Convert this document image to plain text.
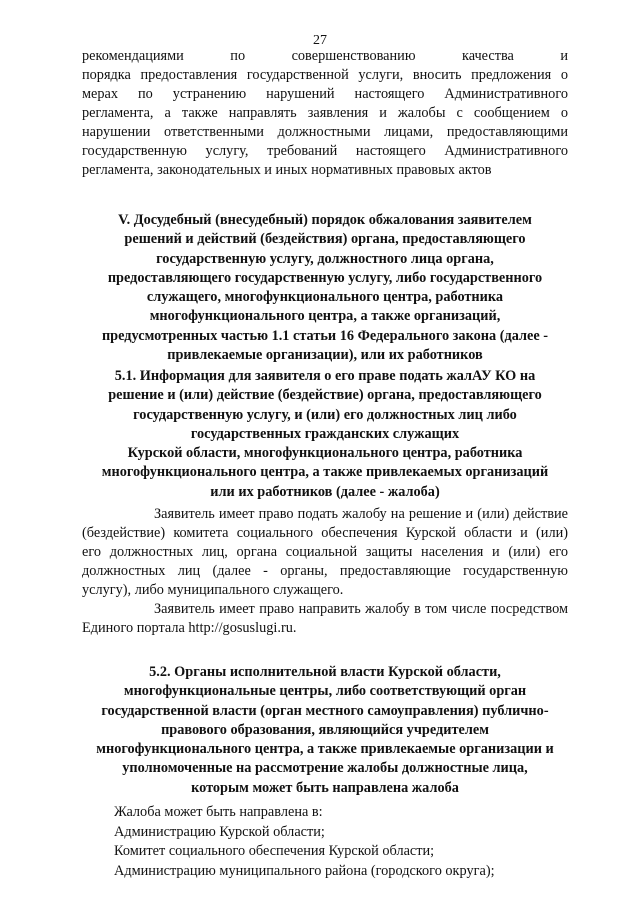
27
рекомендациями по совершенствованию качества и
порядка предоставления государственной услуги, вносить предложения о
мерах по устранению нарушений настоящего Административного
регламента, а также направлять заявления и жалобы с сообщением о
нарушении ответственными должностными лицами, предоставляющими
государственную услугу, требований настоящего Административного
регламента, законодательных и иных нормативных правовых актов
V. Досудебный (внесудебный) порядок обжалования заявителем
решений и действий (бездействия) органа, предоставляющего
государственную услугу, должностного лица органа,
предоставляющего государственную услугу, либо государственного
служащего, многофункционального центра, работника
многофункционального центра, а также организаций,
предусмотренных частью 1.1 статьи 16 Федерального закона (далее -
привлекаемые организации), или их работников
5.1. Информация для заявителя о его праве подать жалАУ КО на
решение и (или) действие (бездействие) органа, предоставляющего
государственную услугу, и (или) его должностных лиц либо
государственных гражданских служащих
Курской области, многофункционального центра, работника
многофункционального центра, а также привлекаемых организаций
или их работников (далее - жалоба)
Заявитель имеет право подать жалобу на решение и (или) действие
(бездействие) комитета социального обеспечения Курской области и (или)
его должностных лиц, органа социальной защиты населения и (или) его
должностных лиц (далее - органы, предоставляющие государственную
услугу), либо муниципального служащего.
Заявитель имеет право направить жалобу в том числе посредством
Единого портала http://gosuslugi.ru.
5.2. Органы исполнительной власти Курской области,
многофункциональные центры, либо соответствующий орган
государственной власти (орган местного самоуправления) публично-
правового образования, являющийся учредителем
многофункционального центра, а также привлекаемые организации и
уполномоченные на рассмотрение жалобы должностные лица,
которым может быть направлена жалоба
Жалоба может быть направлена в:
Администрацию Курской области;
Комитет социального обеспечения Курской области;
Администрацию муниципального района (городского округа);
